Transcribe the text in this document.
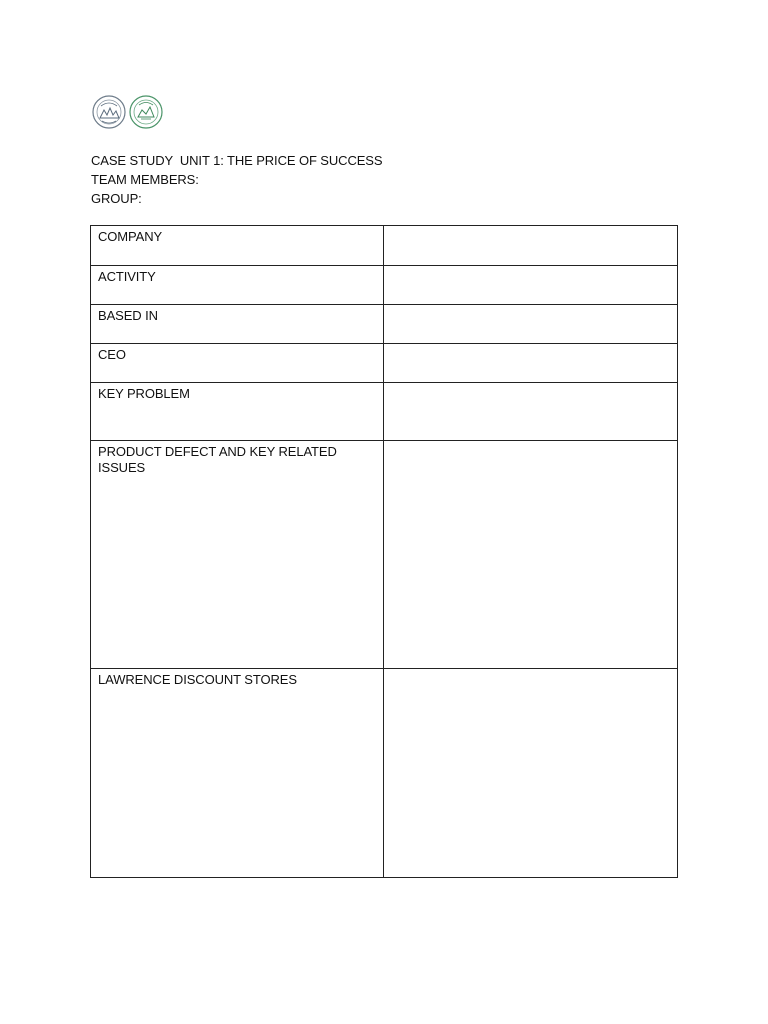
CASE STUDY  UNIT 1: THE PRICE OF SUCCESS
TEAM MEMBERS:
GROUP:
COMPANY	
ACTIVITY	
BASED IN	
CEO	
KEY PROBLEM	
PRODUCT DEFECT AND KEY RELATED ISSUES	
LAWRENCE DISCOUNT STORES	
